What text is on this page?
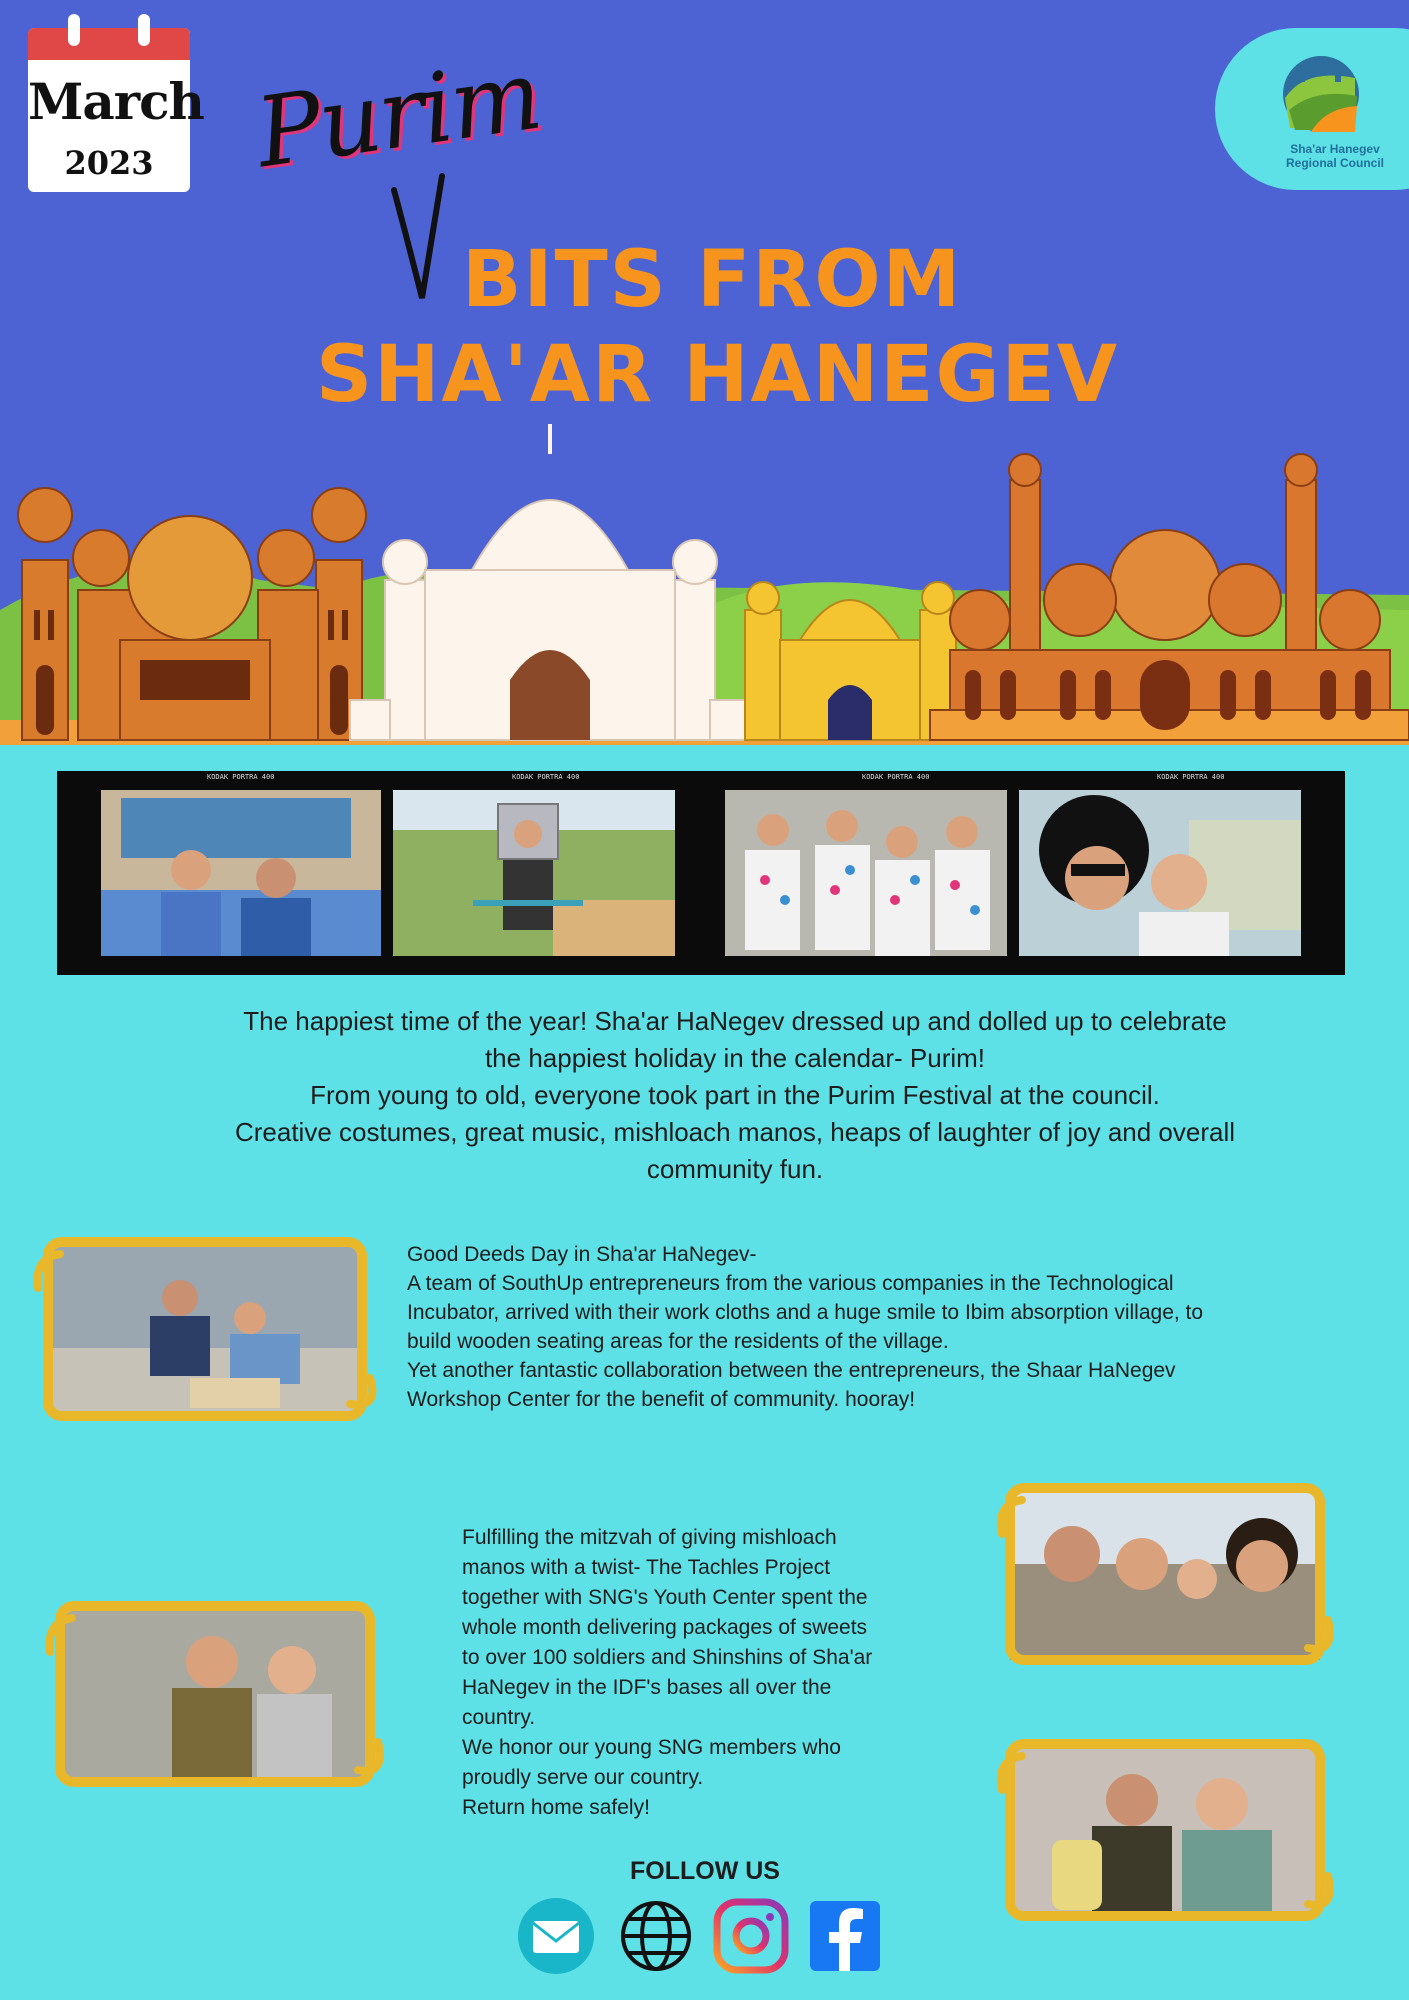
March
2023	Purim
BITS FROM
SHA'AR HANEGEV
Sha'ar Hanegev
Regional Council
KODAK PORTRA 400	KODAK PORTRA 400	KODAK PORTRA 400	KODAK PORTRA 400
The happiest time of the year! Sha'ar HaNegev dressed up and dolled up to celebrate
the happiest holiday in the calendar- Purim!
From young to old, everyone took part in the Purim Festival at the council.
Creative costumes, great music, mishloach manos, heaps of laughter of joy and overall
community fun.
Good Deeds Day in Sha'ar HaNegev-
A team of SouthUp entrepreneurs from the various companies in the Technological
Incubator, arrived with their work cloths and a huge smile to Ibim absorption village, to
build wooden seating areas for the residents of the village.
Yet another fantastic collaboration between the entrepreneurs, the Shaar HaNegev
Workshop Center for the benefit of community. hooray!
Fulfilling the mitzvah of giving mishloach
manos with a twist- The Tachles Project
together with SNG's Youth Center spent the
whole month delivering packages of sweets
to over 100 soldiers and Shinshins of Sha'ar
HaNegev in the IDF's bases all over the
country.
We honor our young SNG members who
proudly serve our country.
Return home safely!
FOLLOW US
